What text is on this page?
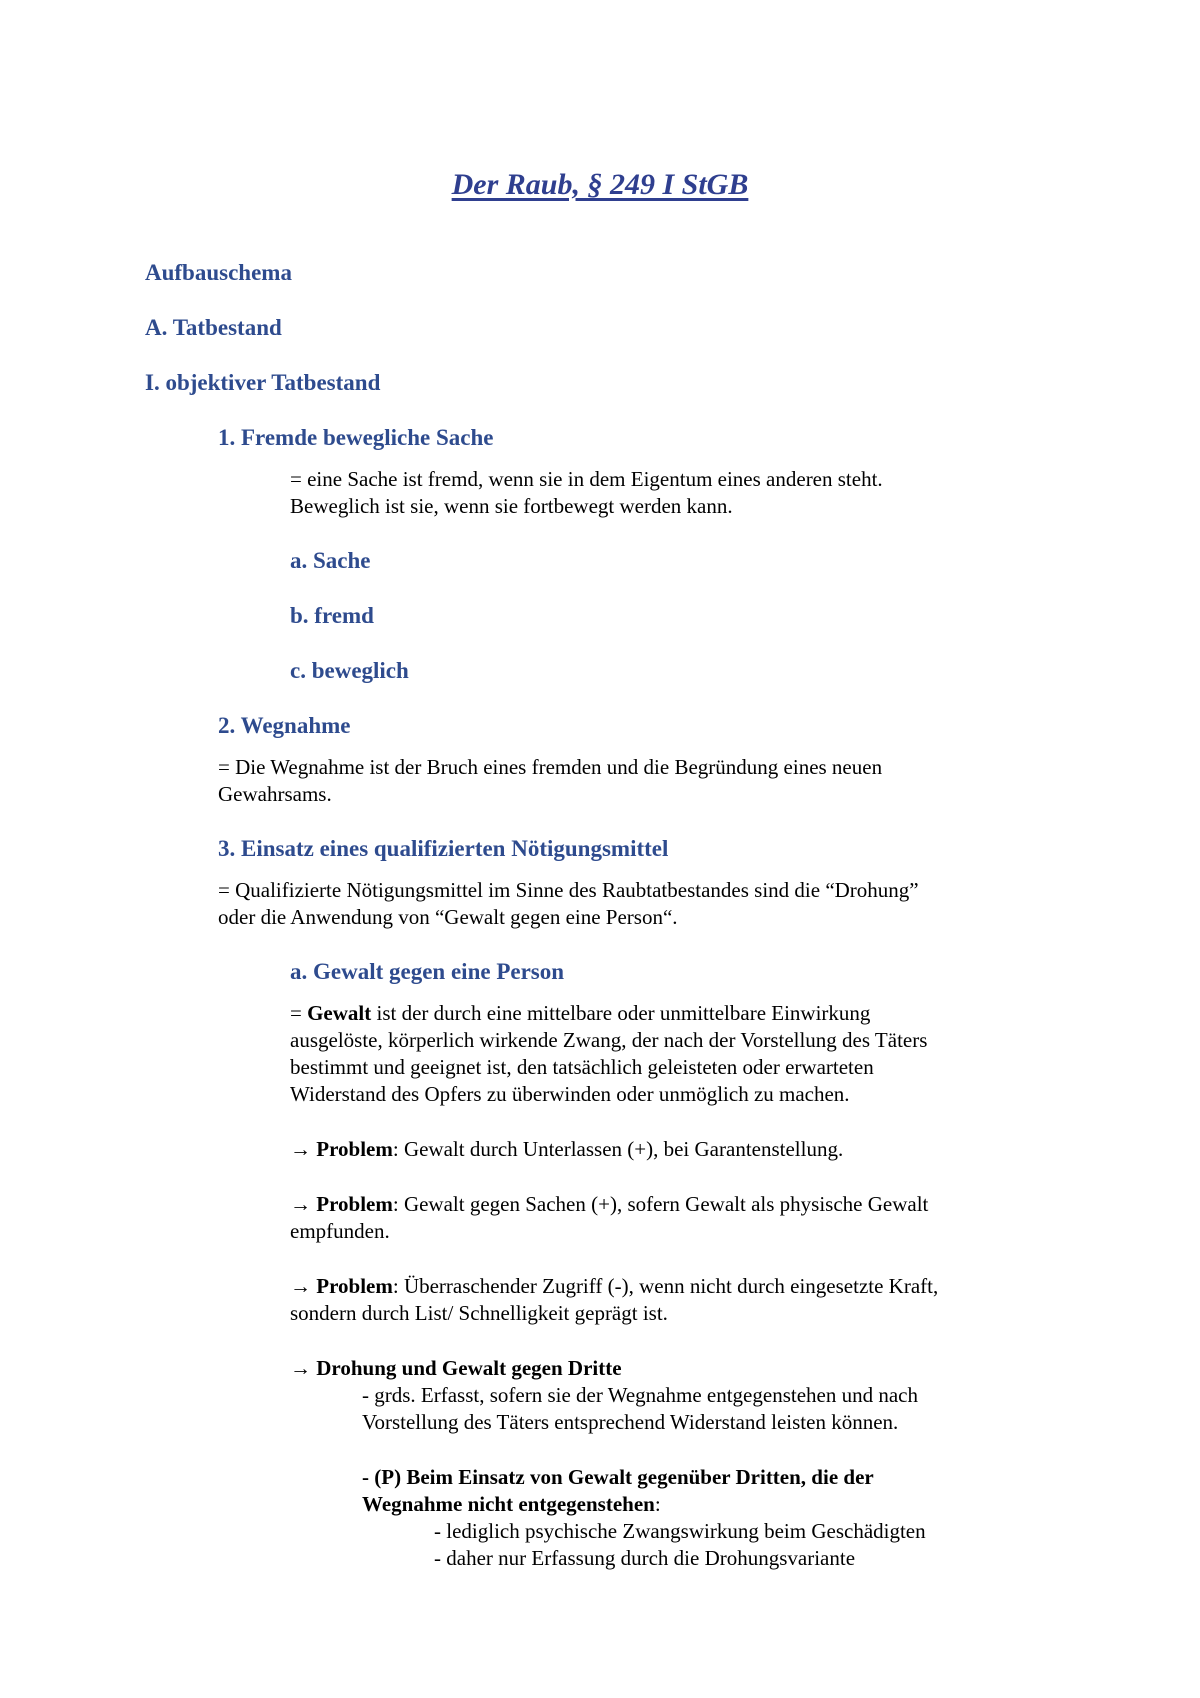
Der Raub, § 249 I StGB
Aufbauschema
A. Tatbestand
I. objektiver Tatbestand
1. Fremde bewegliche Sache
= eine Sache ist fremd, wenn sie in dem Eigentum eines anderen steht.
Beweglich ist sie, wenn sie fortbewegt werden kann.
a. Sache
b. fremd
c. beweglich
2. Wegnahme
= Die Wegnahme ist der Bruch eines fremden und die Begründung eines neuen
Gewahrsams.
3. Einsatz eines qualifizierten Nötigungsmittel
= Qualifizierte Nötigungsmittel im Sinne des Raubtatbestandes sind die “Drohung”
oder die Anwendung von “Gewalt gegen eine Person“.
a. Gewalt gegen eine Person
= Gewalt ist der durch eine mittelbare oder unmittelbare Einwirkung
ausgelöste, körperlich wirkende Zwang, der nach der Vorstellung des Täters
bestimmt und geeignet ist, den tatsächlich geleisteten oder erwarteten
Widerstand des Opfers zu überwinden oder unmöglich zu machen.
→ Problem: Gewalt durch Unterlassen (+), bei Garantenstellung.
→ Problem: Gewalt gegen Sachen (+), sofern Gewalt als physische Gewalt
empfunden.
→ Problem: Überraschender Zugriff (-), wenn nicht durch eingesetzte Kraft,
sondern durch List/ Schnelligkeit geprägt ist.
→ Drohung und Gewalt gegen Dritte
- grds. Erfasst, sofern sie der Wegnahme entgegenstehen und nach
Vorstellung des Täters entsprechend Widerstand leisten können.
- (P) Beim Einsatz von Gewalt gegenüber Dritten, die der
Wegnahme nicht entgegenstehen:
- lediglich psychische Zwangswirkung beim Geschädigten
- daher nur Erfassung durch die Drohungsvariante
